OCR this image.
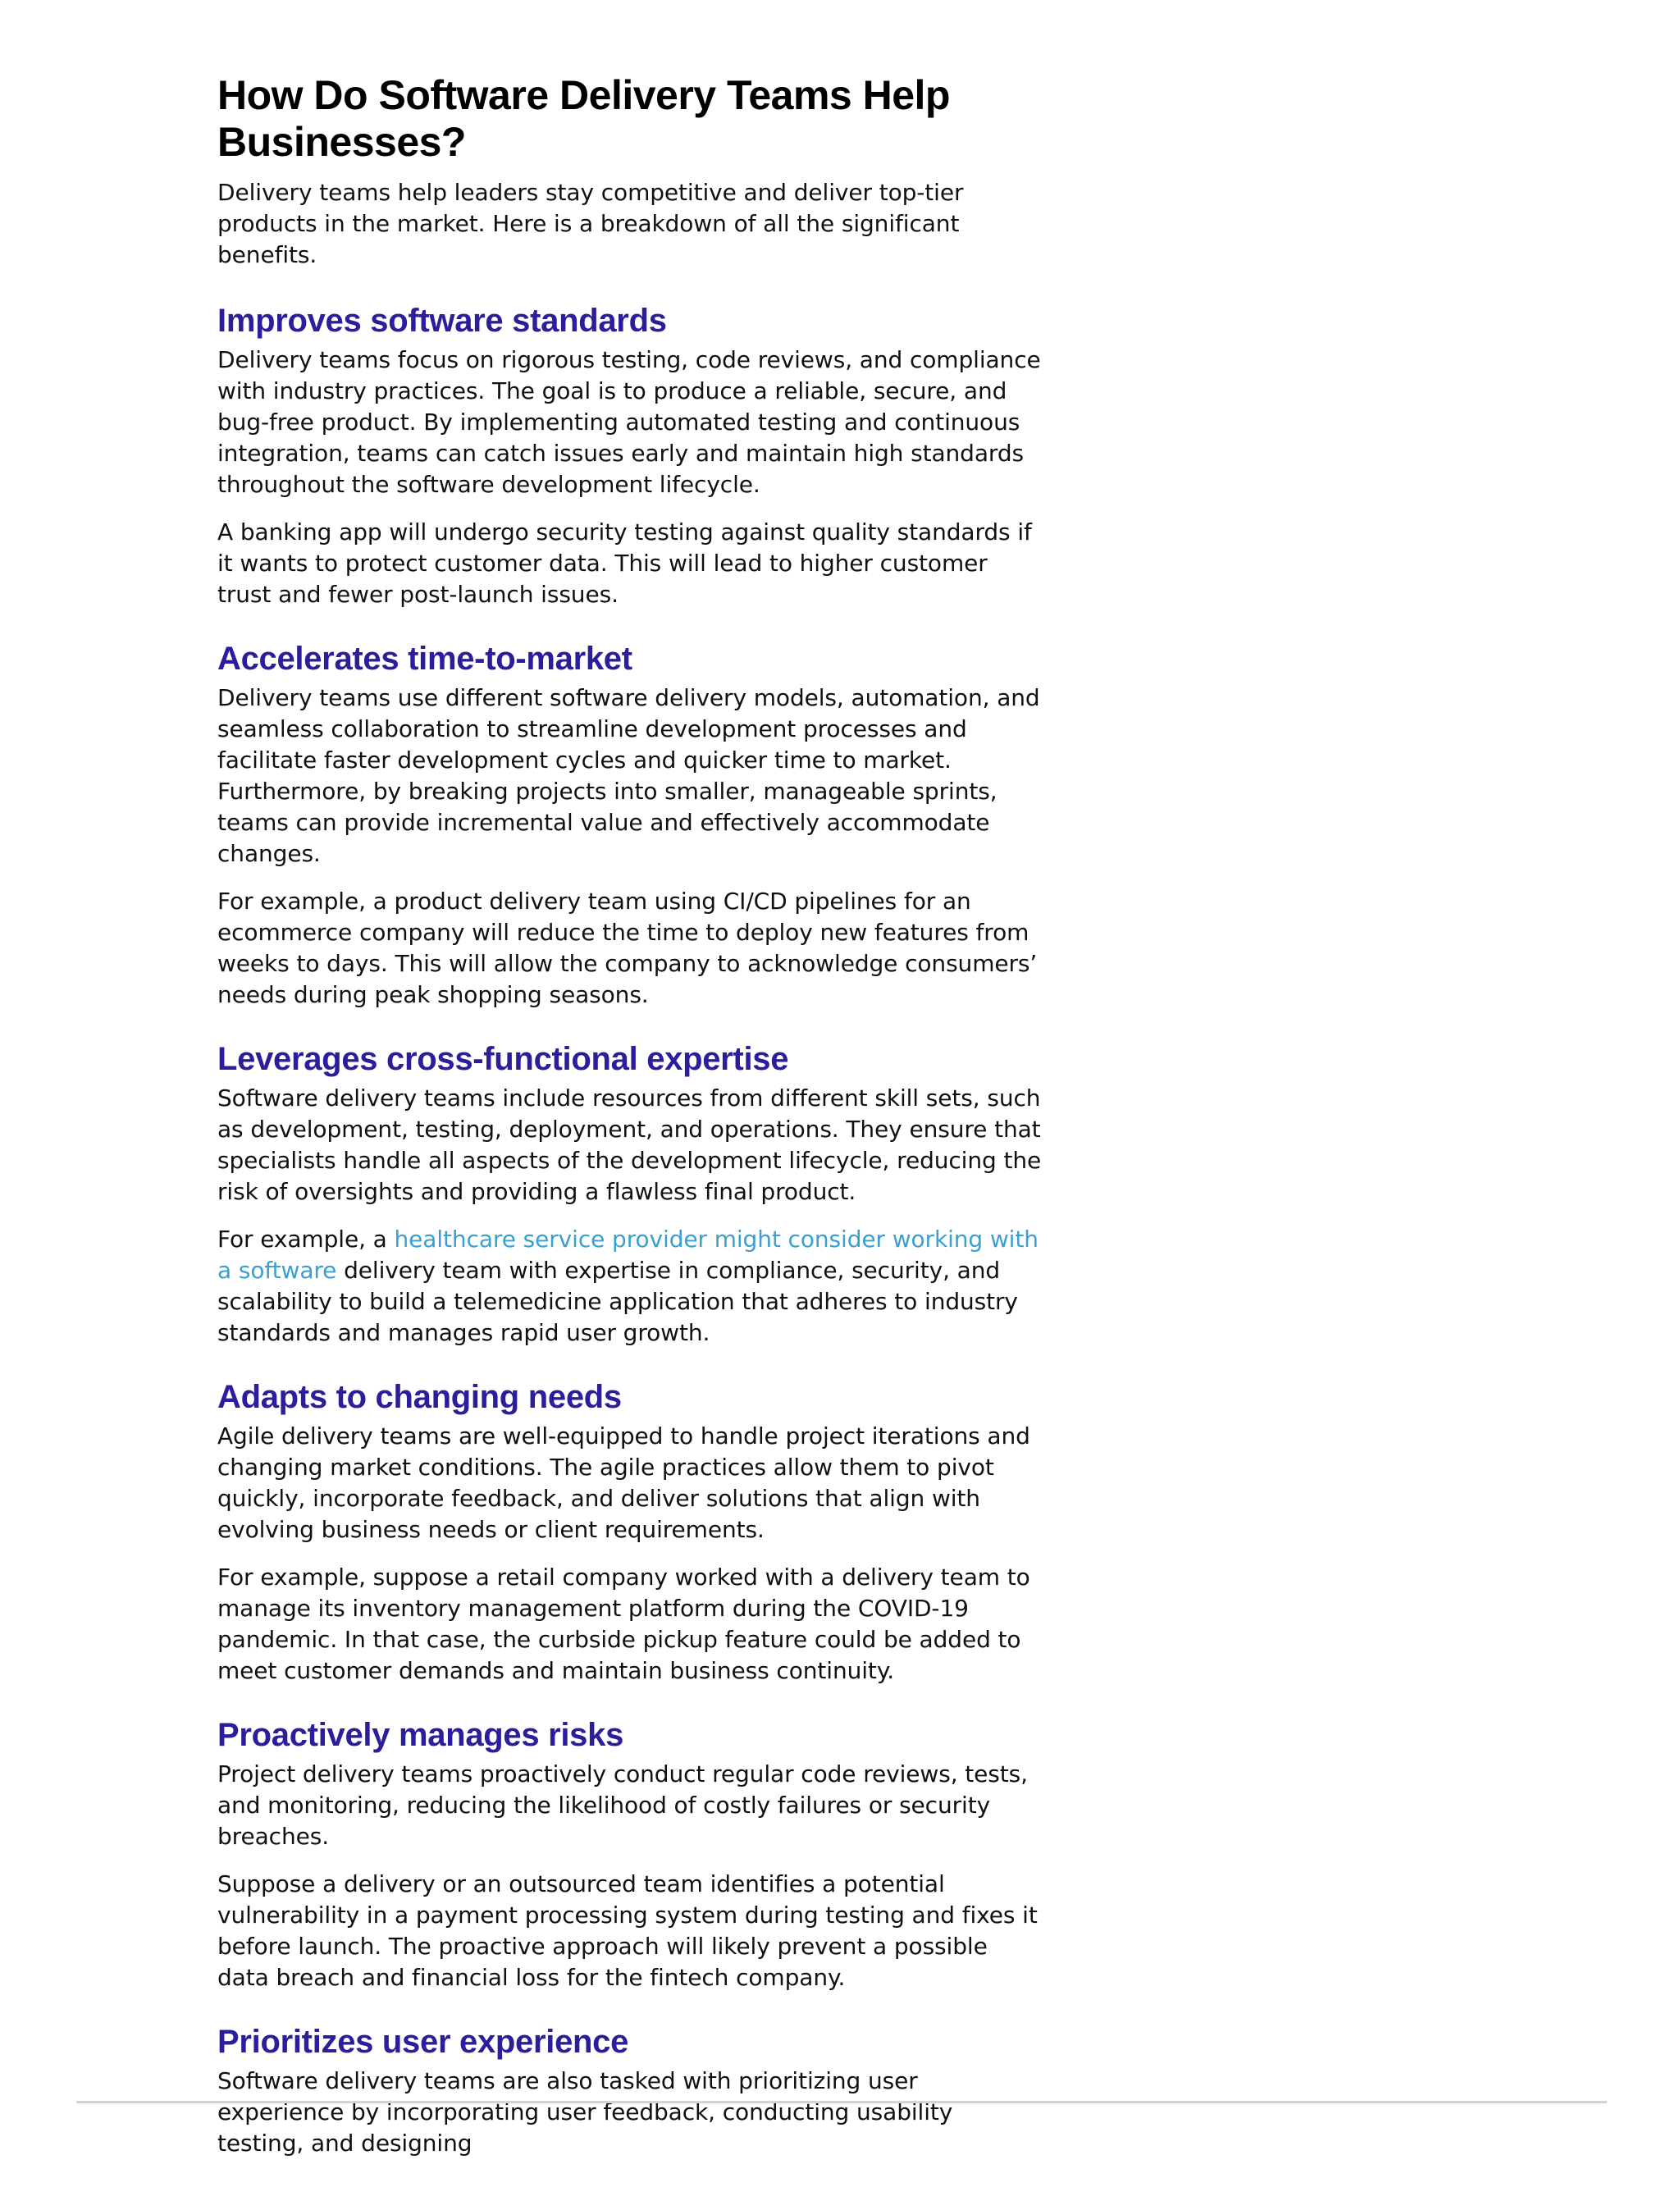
How Do Software Delivery Teams Help Businesses?

Delivery teams help leaders stay competitive and deliver top-tier products in the market. Here is a breakdown of all the significant benefits.

Improves software standards

Delivery teams focus on rigorous testing, code reviews, and compliance with industry practices. The goal is to produce a reliable, secure, and bug-free product. By implementing automated testing and continuous integration, teams can catch issues early and maintain high standards throughout the software development lifecycle.

A banking app will undergo security testing against quality standards if it wants to protect customer data. This will lead to higher customer trust and fewer post-launch issues.

Accelerates time-to-market

Delivery teams use different software delivery models, automation, and seamless collaboration to streamline development processes and facilitate faster development cycles and quicker time to market. Furthermore, by breaking projects into smaller, manageable sprints, teams can provide incremental value and effectively accommodate changes.

For example, a product delivery team using CI/CD pipelines for an ecommerce company will reduce the time to deploy new features from weeks to days. This will allow the company to acknowledge consumers’ needs during peak shopping seasons.

Leverages cross-functional expertise

Software delivery teams include resources from different skill sets, such as development, testing, deployment, and operations. They ensure that specialists handle all aspects of the development lifecycle, reducing the risk of oversights and providing a flawless final product.

For example, a healthcare service provider might consider working with a software delivery team with expertise in compliance, security, and scalability to build a telemedicine application that adheres to industry standards and manages rapid user growth.

Adapts to changing needs

Agile delivery teams are well-equipped to handle project iterations and changing market conditions. The agile practices allow them to pivot quickly, incorporate feedback, and deliver solutions that align with evolving business needs or client requirements.

For example, suppose a retail company worked with a delivery team to manage its inventory management platform during the COVID-19 pandemic. In that case, the curbside pickup feature could be added to meet customer demands and maintain business continuity.

Proactively manages risks

Project delivery teams proactively conduct regular code reviews, tests, and monitoring, reducing the likelihood of costly failures or security breaches.

Suppose a delivery or an outsourced team identifies a potential vulnerability in a payment processing system during testing and fixes it before launch. The proactive approach will likely prevent a possible data breach and financial loss for the fintech company.

Prioritizes user experience

Software delivery teams are also tasked with prioritizing user experience by incorporating user feedback, conducting usability testing, and designing
